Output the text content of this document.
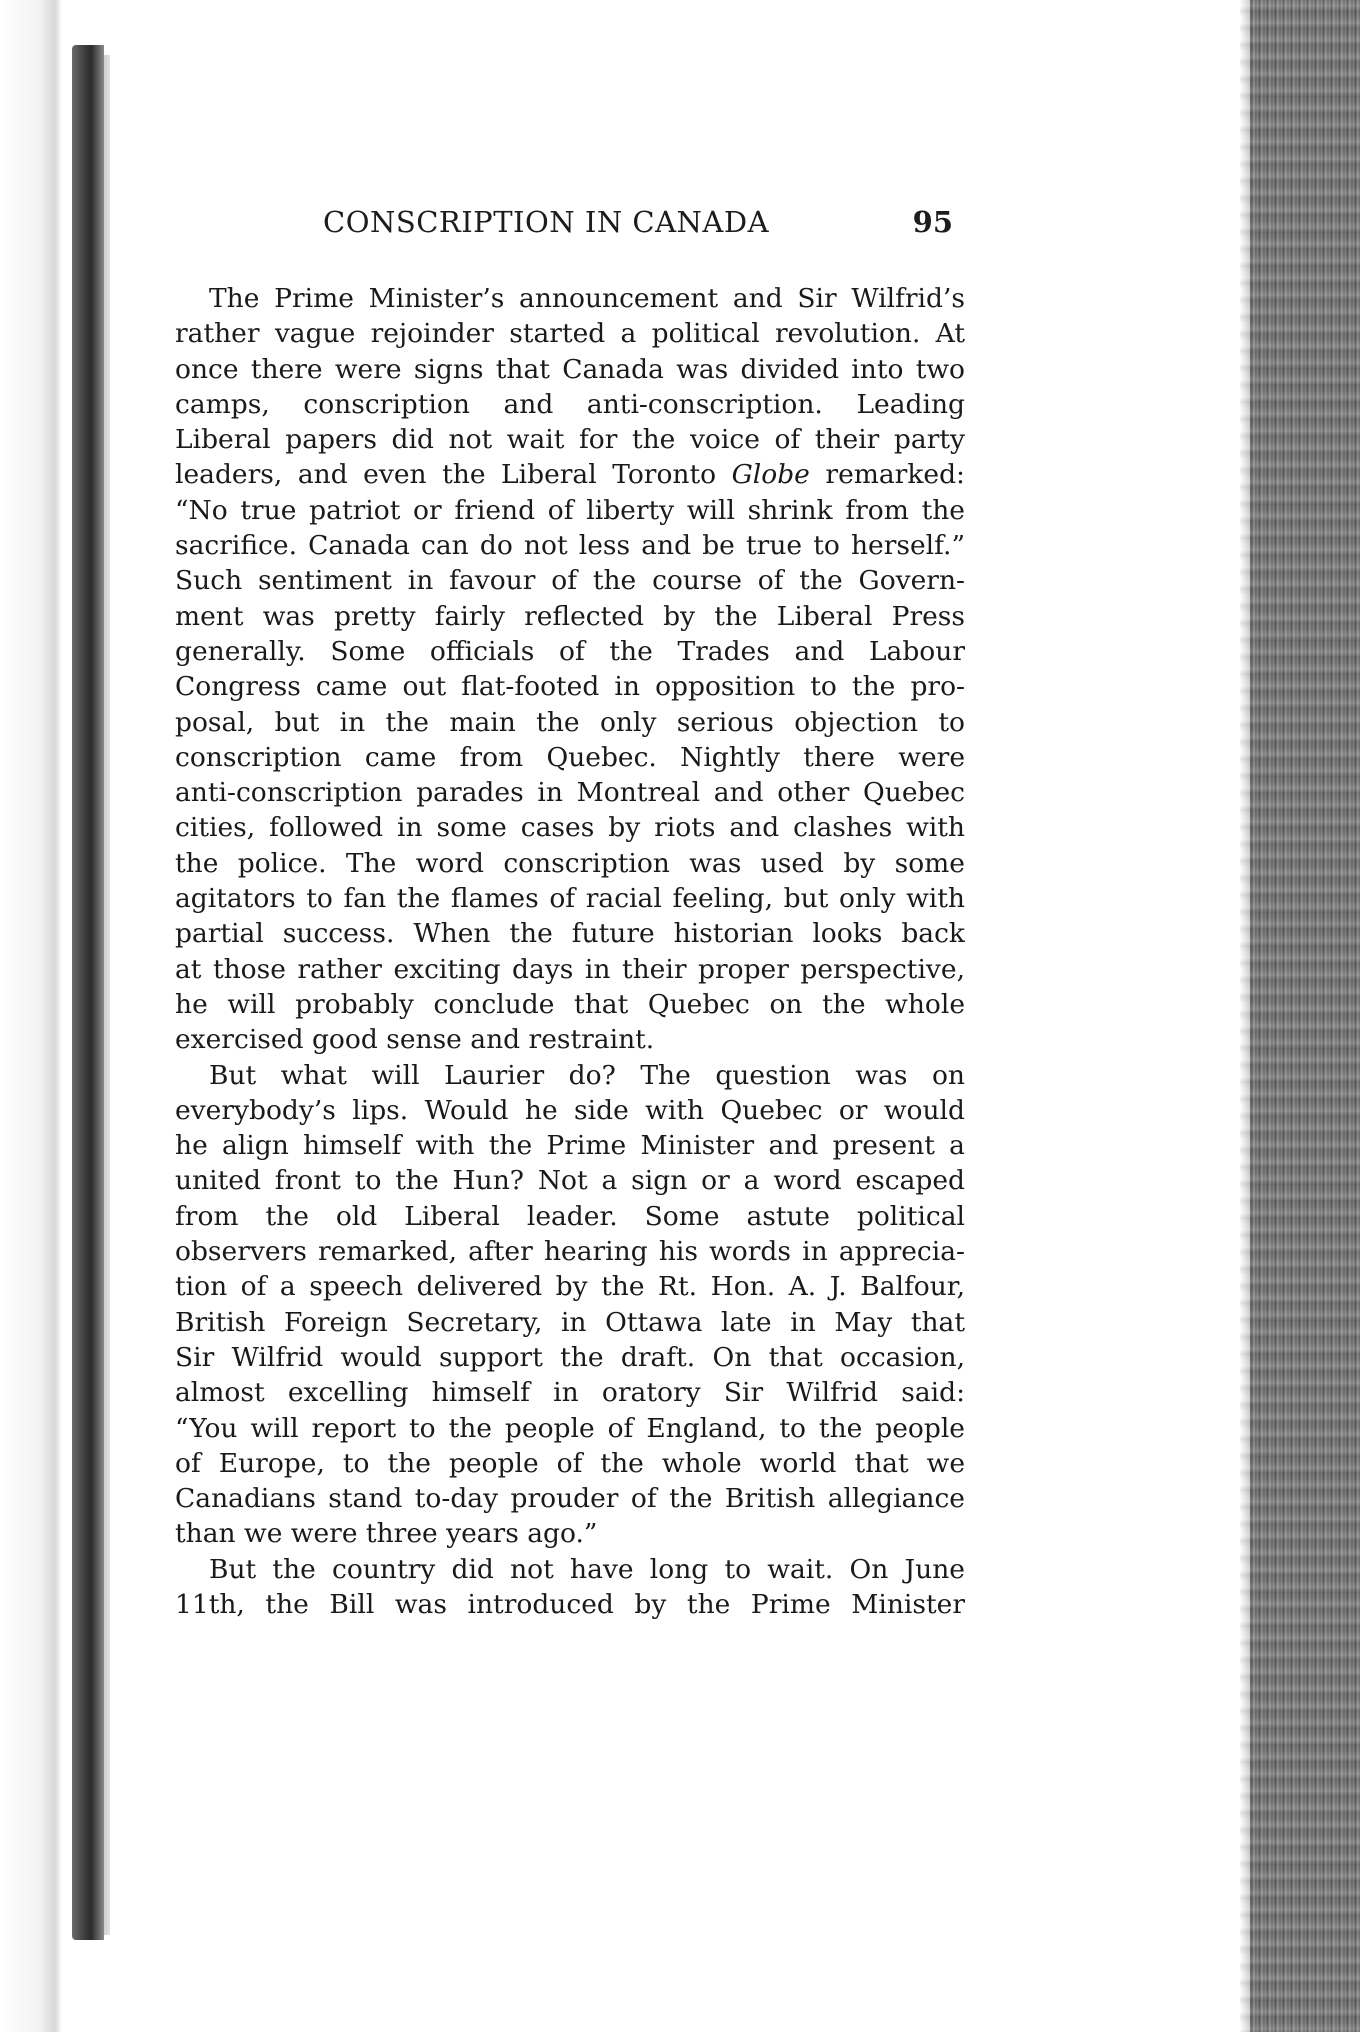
CONSCRIPTION IN CANADA	95
The Prime Minister’s announcement and Sir Wilfrid’s
rather vague rejoinder started a political revolution. At
once there were signs that Canada was divided into two
camps, conscription and anti-conscription. Leading
Liberal papers did not wait for the voice of their party
leaders, and even the Liberal Toronto Globe remarked:
“No true patriot or friend of liberty will shrink from the
sacrifice. Canada can do not less and be true to herself.”
Such sentiment in favour of the course of the Govern-
ment was pretty fairly reflected by the Liberal Press
generally. Some officials of the Trades and Labour
Congress came out flat-footed in opposition to the pro-
posal, but in the main the only serious objection to
conscription came from Quebec. Nightly there were
anti-conscription parades in Montreal and other Quebec
cities, followed in some cases by riots and clashes with
the police. The word conscription was used by some
agitators to fan the flames of racial feeling, but only with
partial success. When the future historian looks back
at those rather exciting days in their proper perspective,
he will probably conclude that Quebec on the whole
exercised good sense and restraint.
But what will Laurier do? The question was on
everybody’s lips. Would he side with Quebec or would
he align himself with the Prime Minister and present a
united front to the Hun? Not a sign or a word escaped
from the old Liberal leader. Some astute political
observers remarked, after hearing his words in apprecia-
tion of a speech delivered by the Rt. Hon. A. J. Balfour,
British Foreign Secretary, in Ottawa late in May that
Sir Wilfrid would support the draft. On that occasion,
almost excelling himself in oratory Sir Wilfrid said:
“You will report to the people of England, to the people
of Europe, to the people of the whole world that we
Canadians stand to-day prouder of the British allegiance
than we were three years ago.”
But the country did not have long to wait. On June
11th, the Bill was introduced by the Prime Minister
